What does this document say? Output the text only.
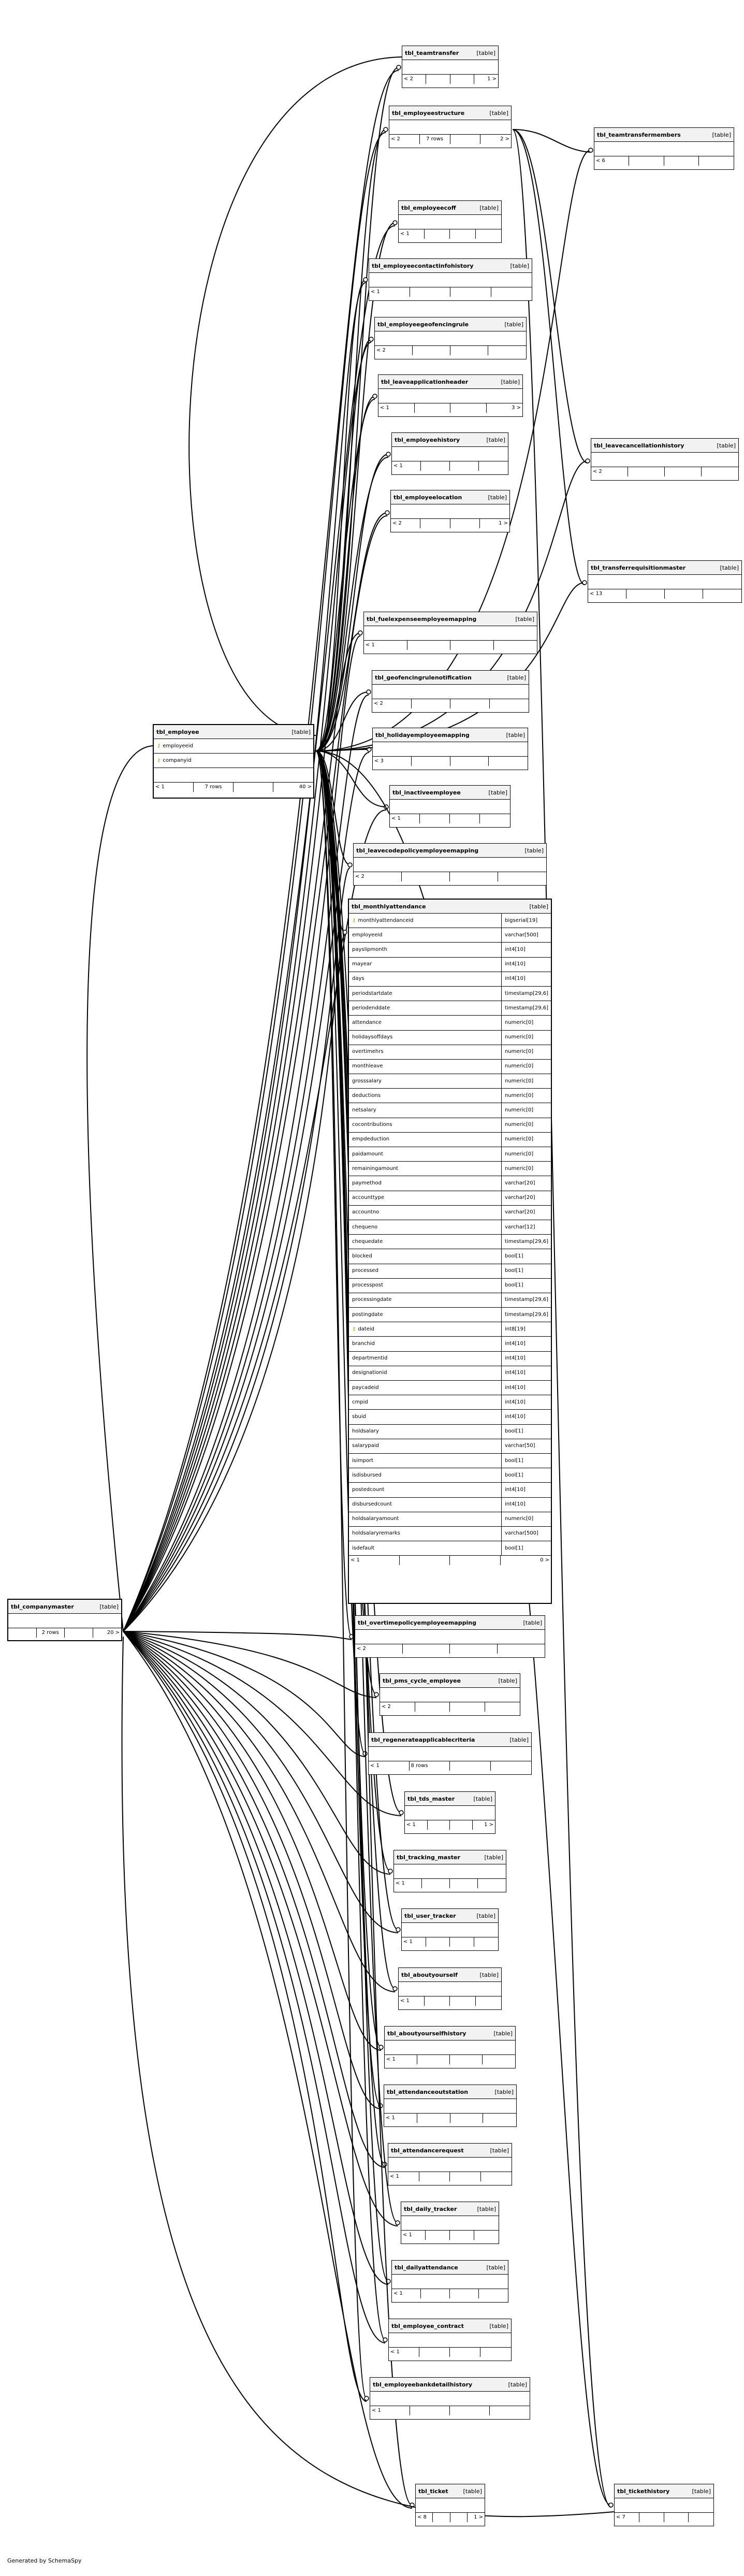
tbl_teamtransfer	[table]
< 2	1 >
tbl_employeestructure	[table]
< 2	7 rows	2 >
tbl_teamtransfermembers	[table]
< 6
tbl_employeecoff	[table]
< 1
tbl_employeecontactinfohistory	[table]
< 1
tbl_employeegeofencingrule	[table]
< 2
tbl_leaveapplicationheader	[table]
< 1	3 >
tbl_employeehistory	[table]
< 1
tbl_leavecancellationhistory	[table]
< 2
tbl_employeelocation	[table]
< 2	1 >
tbl_transferrequisitionmaster	[table]
< 13
tbl_fuelexpenseemployeemapping	[table]
< 1
tbl_geofencingrulenotification	[table]
< 2
tbl_holidayemployeemapping	[table]
< 3
tbl_inactiveemployee	[table]
< 1
tbl_leavecodepolicyemployeemapping	[table]
< 2
tbl_employee	[table]
⚷ employeeid
⚷ companyid
< 1	7 rows	40 >
tbl_monthlyattendance	[table]
⚷ monthlyattendanceid	bigserial[19]
employeeid	varchar[500]
payslipmonth	int4[10]
mayear	int4[10]
days	int4[10]
periodstartdate	timestamp[29,6]
periodenddate	timestamp[29,6]
attendance	numeric[0]
holidaysoffdays	numeric[0]
overtimehrs	numeric[0]
monthleave	numeric[0]
grosssalary	numeric[0]
deductions	numeric[0]
netsalary	numeric[0]
cocontributions	numeric[0]
empdeduction	numeric[0]
paidamount	numeric[0]
remainingamount	numeric[0]
paymethod	varchar[20]
accounttype	varchar[20]
accountno	varchar[20]
chequeno	varchar[12]
chequedate	timestamp[29,6]
blocked	bool[1]
processed	bool[1]
processpost	bool[1]
processingdate	timestamp[29,6]
postingdate	timestamp[29,6]
⚷ dateid	int8[19]
branchid	int4[10]
departmentid	int4[10]
designationid	int4[10]
paycadeid	int4[10]
cmpid	int4[10]
sbuid	int4[10]
holdsalary	bool[1]
salarypaid	varchar[50]
isimport	bool[1]
isdisbursed	bool[1]
postedcount	int4[10]
disbursedcount	int4[10]
holdsalaryamount	numeric[0]
holdsalaryremarks	varchar[500]
isdefault	bool[1]
< 1	0 >
tbl_companymaster	[table]
2 rows	20 >
tbl_overtimepolicyemployeemapping	[table]
< 2
tbl_pms_cycle_employee	[table]
< 2
tbl_regenerateapplicablecriteria	[table]
< 1	8 rows
tbl_tds_master	[table]
< 1	1 >
tbl_tracking_master	[table]
< 1
tbl_user_tracker	[table]
< 1
tbl_aboutyourself	[table]
< 1
tbl_aboutyourselfhistory	[table]
< 1
tbl_attendanceoutstation	[table]
< 1
tbl_attendancerequest	[table]
< 1
tbl_daily_tracker	[table]
< 1
tbl_dailyattendance	[table]
< 1
tbl_employee_contract	[table]
< 1
tbl_employeebankdetailhistory	[table]
< 1
tbl_ticket	[table]
< 8	1 >
tbl_tickethistory	[table]
< 7
Generated by SchemaSpy
